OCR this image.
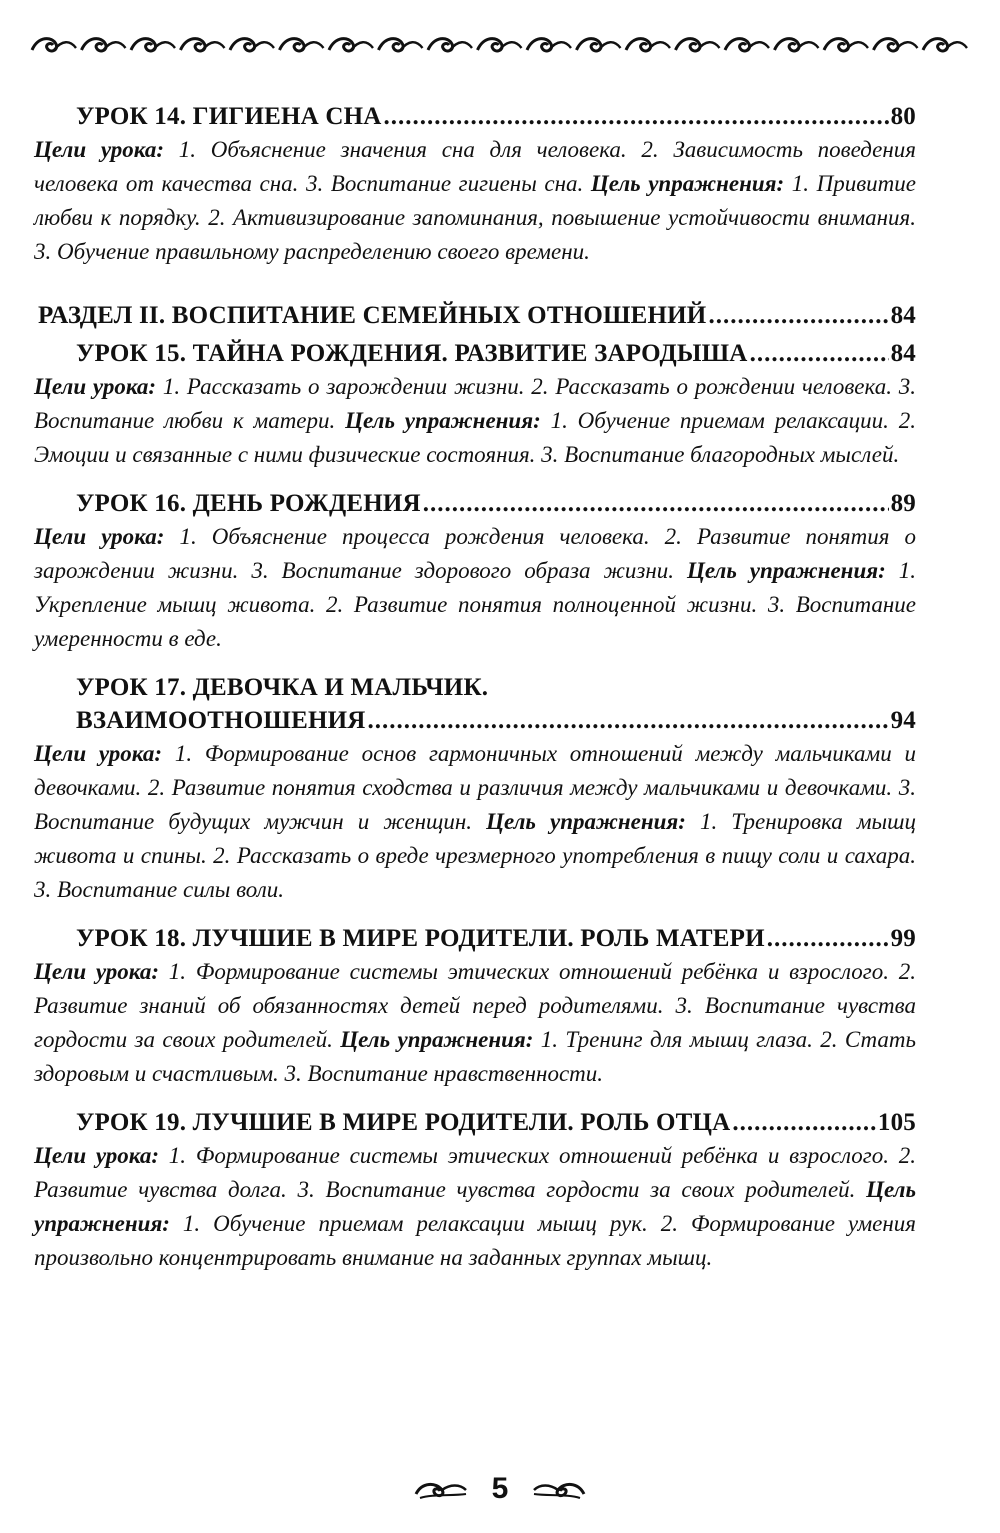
УРОК 14. ГИГИЕНА СНА .....	80
Цели урока: 1. Объяснение значения сна для человека. 2. Зависимость поведения человека от качества сна. 3. Воспитание гигиены сна. Цель упражнения: 1. Привитие любви к порядку. 2. Активизирование запоминания, повышение устойчивости внимания. 3. Обучение правильному распределению своего времени.
РАЗДЕЛ II. ВОСПИТАНИЕ СЕМЕЙНЫХ ОТНОШЕНИЙ .....	84
УРОК 15. ТАЙНА РОЖДЕНИЯ. РАЗВИТИЕ ЗАРОДЫША .....	84
Цели урока: 1. Рассказать о зарождении жизни. 2. Рассказать о рождении человека. 3. Воспитание любви к матери. Цель упражнения: 1. Обучение приемам релаксации. 2. Эмоции и связанные с ними физические состояния. 3. Воспитание благородных мыслей.
УРОК 16. ДЕНЬ РОЖДЕНИЯ .....	89
Цели урока: 1. Объяснение процесса рождения человека. 2. Развитие понятия о зарождении жизни. 3. Воспитание здорового образа жизни. Цель упражнения: 1. Укрепление мышц живота. 2. Развитие понятия полноценной жизни. 3. Воспитание умеренности в еде.
УРОК 17. ДЕВОЧКА И МАЛЬЧИК.
ВЗАИМООТНОШЕНИЯ .....	94
Цели урока: 1. Формирование основ гармоничных отношений между мальчиками и девочками. 2. Развитие понятия сходства и различия между мальчиками и девочками. 3. Воспитание будущих мужчин и женщин. Цель упражнения: 1. Тренировка мышц живота и спины. 2. Рассказать о вреде чрезмерного употребления в пищу соли и сахара. 3. Воспитание силы воли.
УРОК 18. ЛУЧШИЕ В МИРЕ РОДИТЕЛИ. РОЛЬ МАТЕРИ .....	99
Цели урока: 1. Формирование системы этических отношений ребёнка и взрослого. 2. Развитие знаний об обязанностях детей перед родителями. 3. Воспитание чувства гордости за своих родителей. Цель упражнения: 1. Тренинг для мышц глаза. 2. Стать здоровым и счастливым. 3. Воспитание нравственности.
УРОК 19. ЛУЧШИЕ В МИРЕ РОДИТЕЛИ. РОЛЬ ОТЦА .....	105
Цели урока: 1. Формирование системы этических отношений ребёнка и взрослого. 2. Развитие чувства долга. 3. Воспитание чувства гордости за своих родителей. Цель упражнения: 1. Обучение приемам релаксации мышц рук. 2. Формирование умения произвольно концентрировать внимание на заданных группах мышц.
5
